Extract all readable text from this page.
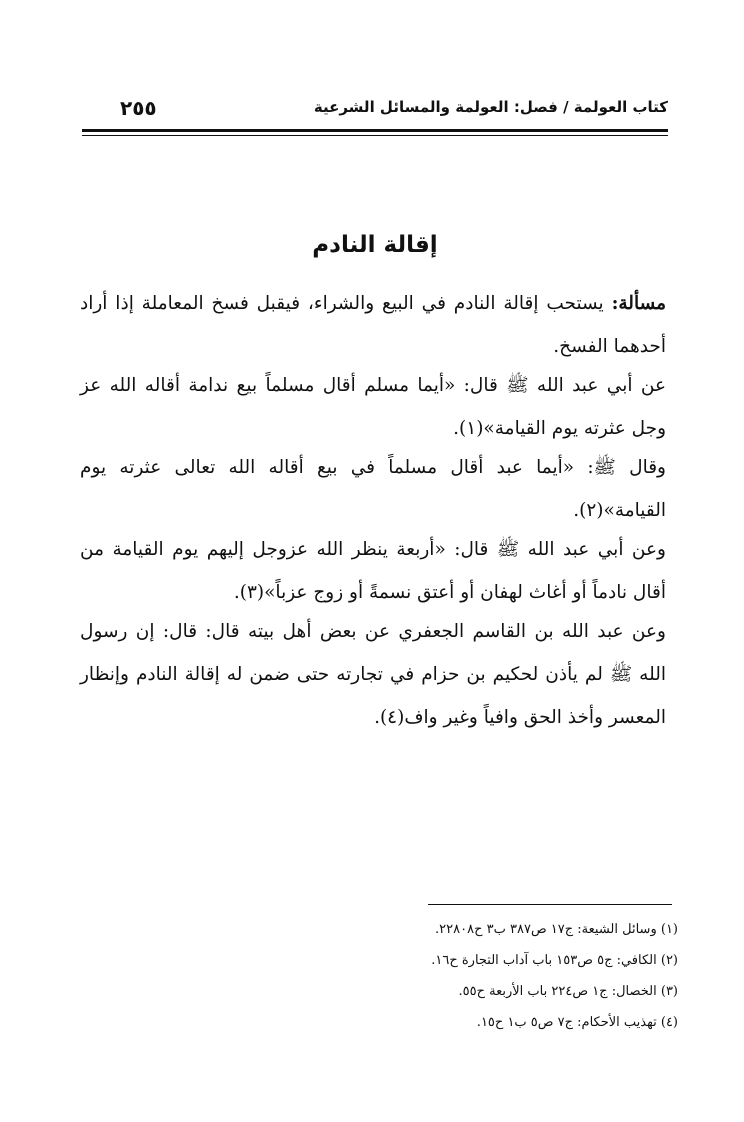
كتاب العولمة / فصل: العولمة والمسائل الشرعية
٢٥٥
إقالة النادم
مسألة: يستحب إقالة النادم في البيع والشراء، فيقبل فسخ المعاملة إذا أراد أحدهما الفسخ.
عن أبي عبد الله ﷺ قال: «أيما مسلم أقال مسلماً بيع ندامة أقاله الله عز وجل عثرته يوم القيامة»(١).
وقال ﷺ: «أيما عبد أقال مسلماً في بيع أقاله الله تعالى عثرته يوم القيامة»(٢).
وعن أبي عبد الله ﷺ قال: «أربعة ينظر الله عزوجل إليهم يوم القيامة من أقال نادماً أو أغاث لهفان أو أعتق نسمةً أو زوج عزباً»(٣).
وعن عبد الله بن القاسم الجعفري عن بعض أهل بيته قال: قال: إن رسول الله ﷺ لم يأذن لحكيم بن حزام في تجارته حتى ضمن له إقالة النادم وإنظار المعسر وأخذ الحق وافياً وغير واف(٤).
(١) وسائل الشيعة: ج١٧ ص٣٨٧ ب٣ ح٢٢٨٠٨.
(٢) الكافي: ج٥ ص١٥٣ باب آداب التجارة ح١٦.
(٣) الخصال: ج١ ص٢٢٤ باب الأربعة ح٥٥.
(٤) تهذيب الأحكام: ج٧ ص٥ ب١ ح١٥.
